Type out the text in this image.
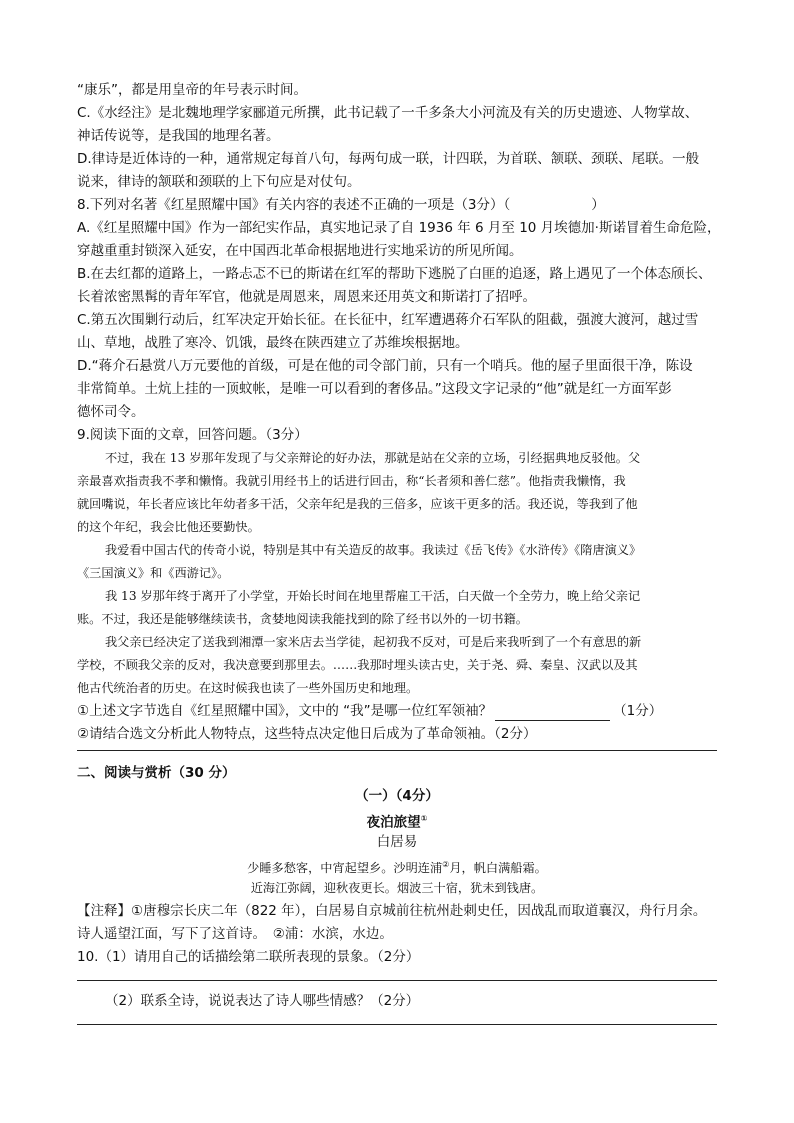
“康乐”，都是用皇帝的年号表示时间。
C.《水经注》是北魏地理学家郦道元所撰，此书记载了一千多条大小河流及有关的历史遗迹、人物掌故、
神话传说等，是我国的地理名著。
D.律诗是近体诗的一种，通常规定每首八句，每两句成一联，计四联，为首联、颔联、颈联、尾联。一般
说来，律诗的颔联和颈联的上下句应是对仗句。
8.下列对名著《红星照耀中国》有关内容的表述不正确的一项是（3分）（　　　　　　）
A.《红星照耀中国》作为一部纪实作品，真实地记录了自 1936 年 6 月至 10 月埃德加·斯诺冒着生命危险，
穿越重重封锁深入延安，在中国西北革命根据地进行实地采访的所见所闻。
B.在去红都的道路上，一路忐忑不已的斯诺在红军的帮助下逃脱了白匪的追逐，路上遇见了一个体态颀长、
长着浓密黑髯的青年军官，他就是周恩来，周恩来还用英文和斯诺打了招呼。
C.第五次围剿行动后，红军决定开始长征。在长征中，红军遭遇蒋介石军队的阻截，强渡大渡河，越过雪
山、草地，战胜了寒冷、饥饿，最终在陕西建立了苏维埃根据地。
D.“蒋介石悬赏八万元要他的首级，可是在他的司令部门前，只有一个哨兵。他的屋子里面很干净，陈设
非常简单。土炕上挂的一顶蚊帐，是唯一可以看到的奢侈品。”这段文字记录的“他”就是红一方面军彭
德怀司令。
9.阅读下面的文章，回答问题。（3分）
不过，我在 13 岁那年发现了与父亲辩论的好办法，那就是站在父亲的立场，引经据典地反驳他。父
亲最喜欢指责我不孝和懒惰。我就引用经书上的话进行回击，称“长者须和善仁慈”。他指责我懒惰，我
就回嘴说，年长者应该比年幼者多干活，父亲年纪是我的三倍多，应该干更多的活。我还说，等我到了他
的这个年纪，我会比他还要勤快。
我爱看中国古代的传奇小说，特别是其中有关造反的故事。我读过《岳飞传》《水浒传》《隋唐演义》
《三国演义》和《西游记》。
我 13 岁那年终于离开了小学堂，开始长时间在地里帮雇工干活，白天做一个全劳力，晚上给父亲记
账。不过，我还是能够继续读书，贪婪地阅读我能找到的除了经书以外的一切书籍。
我父亲已经决定了送我到湘潭一家米店去当学徒，起初我不反对，可是后来我听到了一个有意思的新
学校，不顾我父亲的反对，我决意要到那里去。……我那时埋头读古史，关于尧、舜、秦皇、汉武以及其
他古代统治者的历史。在这时候我也读了一些外国历史和地理。
①上述文字节选自《红星照耀中国》，文中的 “我”是哪一位红军领袖？	（1分）
②请结合选文分析此人物特点，这些特点决定他日后成为了革命领袖。（2分）
二、阅读与赏析（30 分）
（一）（4分）
夜泊旅望①
白居易
少睡多愁客，中宵起望乡。沙明连浦②月，帆白满船霜。
近海江弥阔，迎秋夜更长。烟波三十宿，犹未到钱唐。
【注释】①唐穆宗长庆二年（822 年），白居易自京城前往杭州赴刺史任，因战乱而取道襄汉，舟行月余。
诗人遥望江面，写下了这首诗。　②浦：水滨，水边。
10.（1）请用自己的话描绘第二联所表现的景象。（2分）
（2）联系全诗，说说表达了诗人哪些情感？（2分）
